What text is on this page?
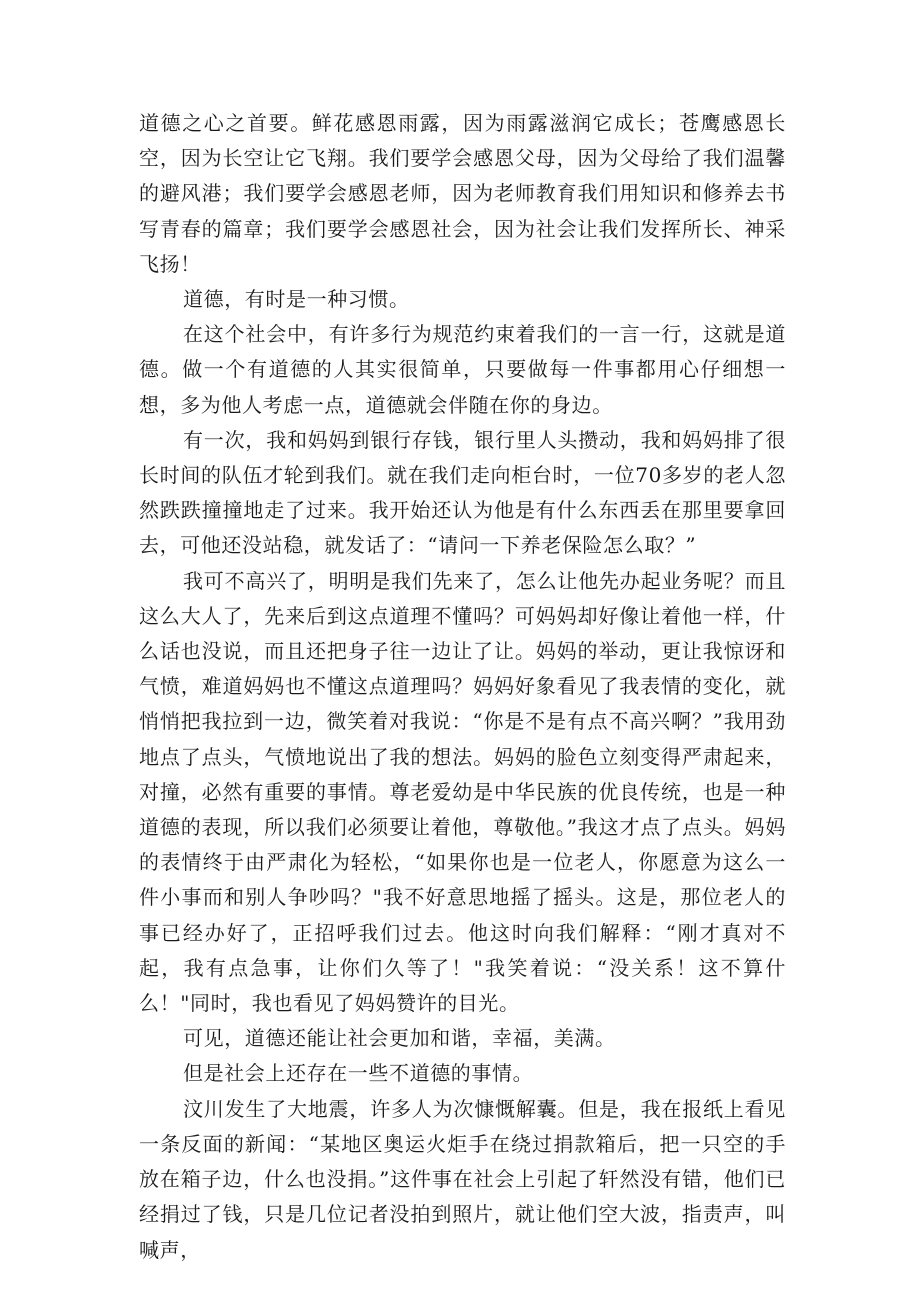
道德之心之首要。鲜花感恩雨露，因为雨露滋润它成长；苍鹰感恩长空，因为长空让它飞翔。我们要学会感恩父母，因为父母给了我们温馨的避风港；我们要学会感恩老师，因为老师教育我们用知识和修养去书写青春的篇章；我们要学会感恩社会，因为社会让我们发挥所长、神采飞扬！

道德，有时是一种习惯。

在这个社会中，有许多行为规范约束着我们的一言一行，这就是道德。做一个有道德的人其实很简单，只要做每一件事都用心仔细想一想，多为他人考虑一点，道德就会伴随在你的身边。

有一次，我和妈妈到银行存钱，银行里人头攒动，我和妈妈排了很长时间的队伍才轮到我们。就在我们走向柜台时，一位70多岁的老人忽然跌跌撞撞地走了过来。我开始还认为他是有什么东西丢在那里要拿回去，可他还没站稳，就发话了：“请问一下养老保险怎么取？”

我可不高兴了，明明是我们先来了，怎么让他先办起业务呢？而且这么大人了，先来后到这点道理不懂吗？可妈妈却好像让着他一样，什么话也没说，而且还把身子往一边让了让。妈妈的举动，更让我惊讶和气愤，难道妈妈也不懂这点道理吗？妈妈好象看见了我表情的变化，就悄悄把我拉到一边，微笑着对我说：“你是不是有点不高兴啊？”我用劲地点了点头，气愤地说出了我的想法。妈妈的脸色立刻变得严肃起来，对撞，必然有重要的事情。尊老爱幼是中华民族的优良传统，也是一种道德的表现，所以我们必须要让着他，尊敬他。”我这才点了点头。妈妈的表情终于由严肃化为轻松，“如果你也是一位老人，你愿意为这么一件小事而和别人争吵吗？"我不好意思地摇了摇头。这是，那位老人的事已经办好了，正招呼我们过去。他这时向我们解释：“刚才真对不起，我有点急事，让你们久等了！"我笑着说：“没关系！这不算什么！"同时，我也看见了妈妈赞许的目光。

可见，道德还能让社会更加和谐，幸福，美满。

但是社会上还存在一些不道德的事情。

汶川发生了大地震，许多人为次慷慨解囊。但是，我在报纸上看见一条反面的新闻：“某地区奥运火炬手在绕过捐款箱后，把一只空的手放在箱子边，什么也没捐。”这件事在社会上引起了轩然没有错，他们已经捐过了钱，只是几位记者没拍到照片，就让他们空大波，指责声，叫喊声，
